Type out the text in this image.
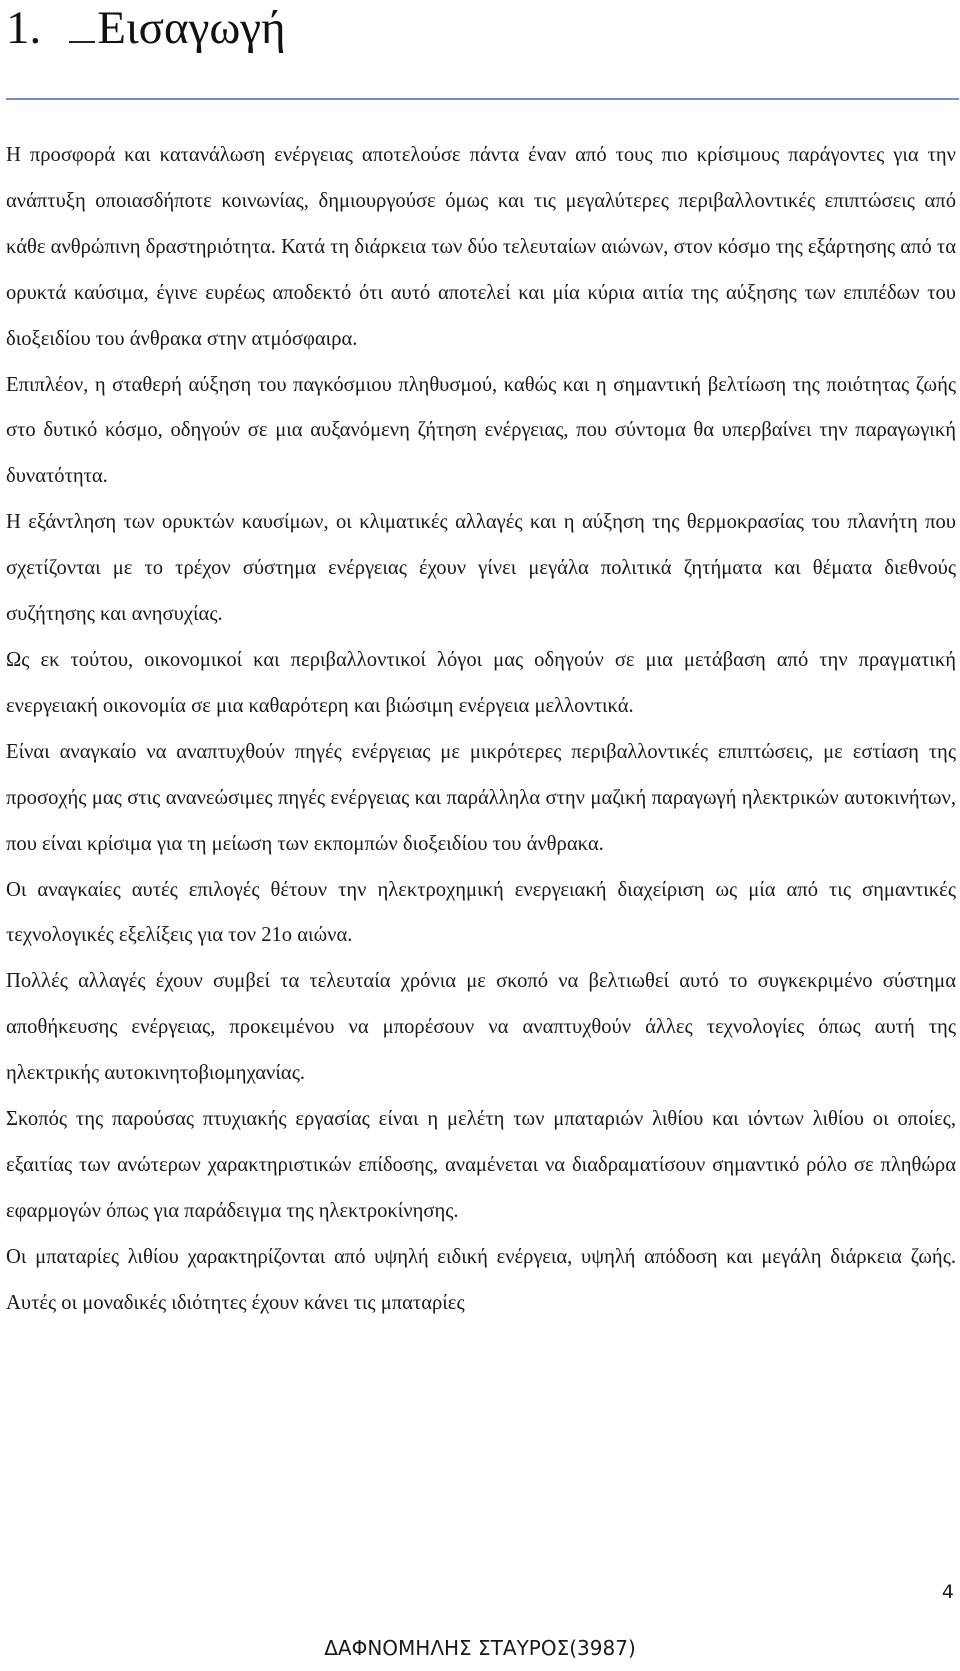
1. Εισαγωγή

Η προσφορά και κατανάλωση ενέργειας αποτελούσε πάντα έναν από τους πιο κρίσιμους παράγοντες για την ανάπτυξη οποιασδήποτε κοινωνίας, δημιουργούσε όμως και τις μεγαλύτερες περιβαλλοντικές επιπτώσεις από κάθε ανθρώπινη δραστηριότητα. Κατά τη διάρκεια των δύο τελευταίων αιώνων, στον κόσμο της εξάρτησης από τα ορυκτά καύσιμα, έγινε ευρέως αποδεκτό ότι αυτό αποτελεί και μία κύρια αιτία της αύξησης των επιπέδων του διοξειδίου του άνθρακα στην ατμόσφαιρα.

Επιπλέον, η σταθερή αύξηση του παγκόσμιου πληθυσμού, καθώς και η σημαντική βελτίωση της ποιότητας ζωής στο δυτικό κόσμο, οδηγούν σε μια αυξανόμενη ζήτηση ενέργειας, που σύντομα θα υπερβαίνει την παραγωγική δυνατότητα.

Η εξάντληση των ορυκτών καυσίμων, οι κλιματικές αλλαγές και η αύξηση της θερμοκρασίας του πλανήτη που σχετίζονται με το τρέχον σύστημα ενέργειας έχουν γίνει μεγάλα πολιτικά ζητήματα και θέματα διεθνούς συζήτησης και ανησυχίας.

Ως εκ τούτου, οικονομικοί και περιβαλλοντικοί λόγοι μας οδηγούν σε μια μετάβαση από την πραγματική ενεργειακή οικονομία σε μια καθαρότερη και βιώσιμη ενέργεια μελλοντικά.

Είναι αναγκαίο να αναπτυχθούν πηγές ενέργειας με μικρότερες περιβαλλοντικές επιπτώσεις, με εστίαση της προσοχής μας στις ανανεώσιμες πηγές ενέργειας και παράλληλα στην μαζική παραγωγή ηλεκτρικών αυτοκινήτων, που είναι κρίσιμα για τη μείωση των εκπομπών διοξειδίου του άνθρακα.

Οι αναγκαίες αυτές επιλογές θέτουν την ηλεκτροχημική ενεργειακή διαχείριση ως μία από τις σημαντικές τεχνολογικές εξελίξεις για τον 21ο αιώνα.

Πολλές αλλαγές έχουν συμβεί τα τελευταία χρόνια με σκοπό να βελτιωθεί αυτό το συγκεκριμένο σύστημα αποθήκευσης ενέργειας, προκειμένου να μπορέσουν να αναπτυχθούν άλλες τεχνολογίες όπως αυτή της ηλεκτρικής αυτοκινητοβιομηχανίας.

Σκοπός της παρούσας πτυχιακής εργασίας είναι η μελέτη των μπαταριών λιθίου και ιόντων λιθίου οι οποίες, εξαιτίας των ανώτερων χαρακτηριστικών επίδοσης, αναμένεται να διαδραματίσουν σημαντικό ρόλο σε πληθώρα εφαρμογών όπως για παράδειγμα της ηλεκτροκίνησης.

Οι μπαταρίες λιθίου χαρακτηρίζονται από υψηλή ειδική ενέργεια, υψηλή απόδοση και μεγάλη διάρκεια ζωής. Αυτές οι μοναδικές ιδιότητες έχουν κάνει τις μπαταρίες

4
ΔΑΦΝΟΜΗΛΗΣ ΣΤΑΥΡΟΣ(3987)
